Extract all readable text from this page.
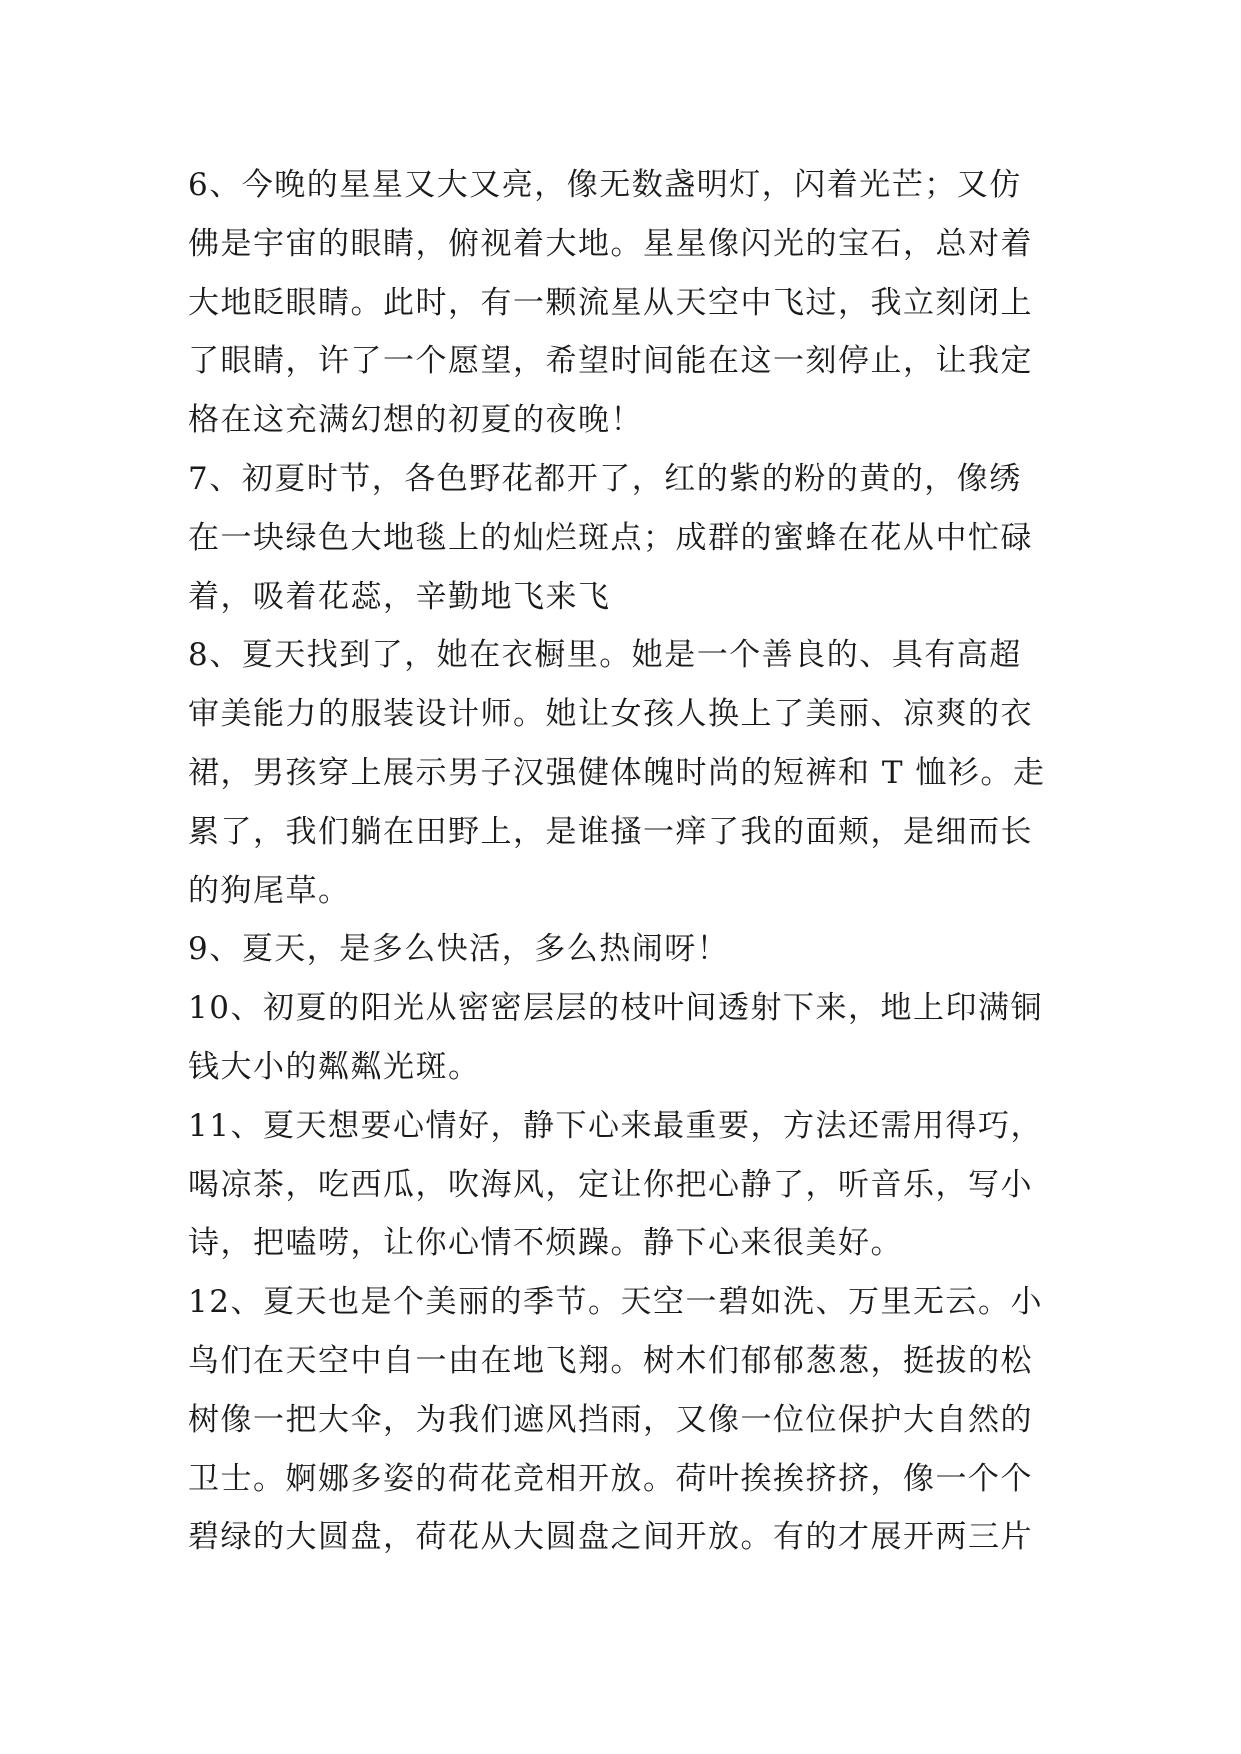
6、今晚的星星又大又亮，像无数盏明灯，闪着光芒；又仿
佛是宇宙的眼睛，俯视着大地。星星像闪光的宝石，总对着
大地眨眼睛。此时，有一颗流星从天空中飞过，我立刻闭上
了眼睛，许了一个愿望，希望时间能在这一刻停止，让我定
格在这充满幻想的初夏的夜晚！
7、初夏时节，各色野花都开了，红的紫的粉的黄的，像绣
在一块绿色大地毯上的灿烂斑点；成群的蜜蜂在花从中忙碌
着，吸着花蕊，辛勤地飞来飞
8、夏天找到了，她在衣橱里。她是一个善良的、具有高超
审美能力的服装设计师。她让女孩人换上了美丽、凉爽的衣
裙，男孩穿上展示男子汉强健体魄时尚的短裤和 T 恤衫。走
累了，我们躺在田野上，是谁搔一痒了我的面颊，是细而长
的狗尾草。
9、夏天，是多么快活，多么热闹呀！
10、初夏的阳光从密密层层的枝叶间透射下来，地上印满铜
钱大小的粼粼光斑。
11、夏天想要心情好，静下心来最重要，方法还需用得巧，
喝凉茶，吃西瓜，吹海风，定让你把心静了，听音乐，写小
诗，把嗑唠，让你心情不烦躁。静下心来很美好。
12、夏天也是个美丽的季节。天空一碧如洗、万里无云。小
鸟们在天空中自一由在地飞翔。树木们郁郁葱葱，挺拔的松
树像一把大伞，为我们遮风挡雨，又像一位位保护大自然的
卫士。婀娜多姿的荷花竞相开放。荷叶挨挨挤挤，像一个个
碧绿的大圆盘，荷花从大圆盘之间开放。有的才展开两三片
